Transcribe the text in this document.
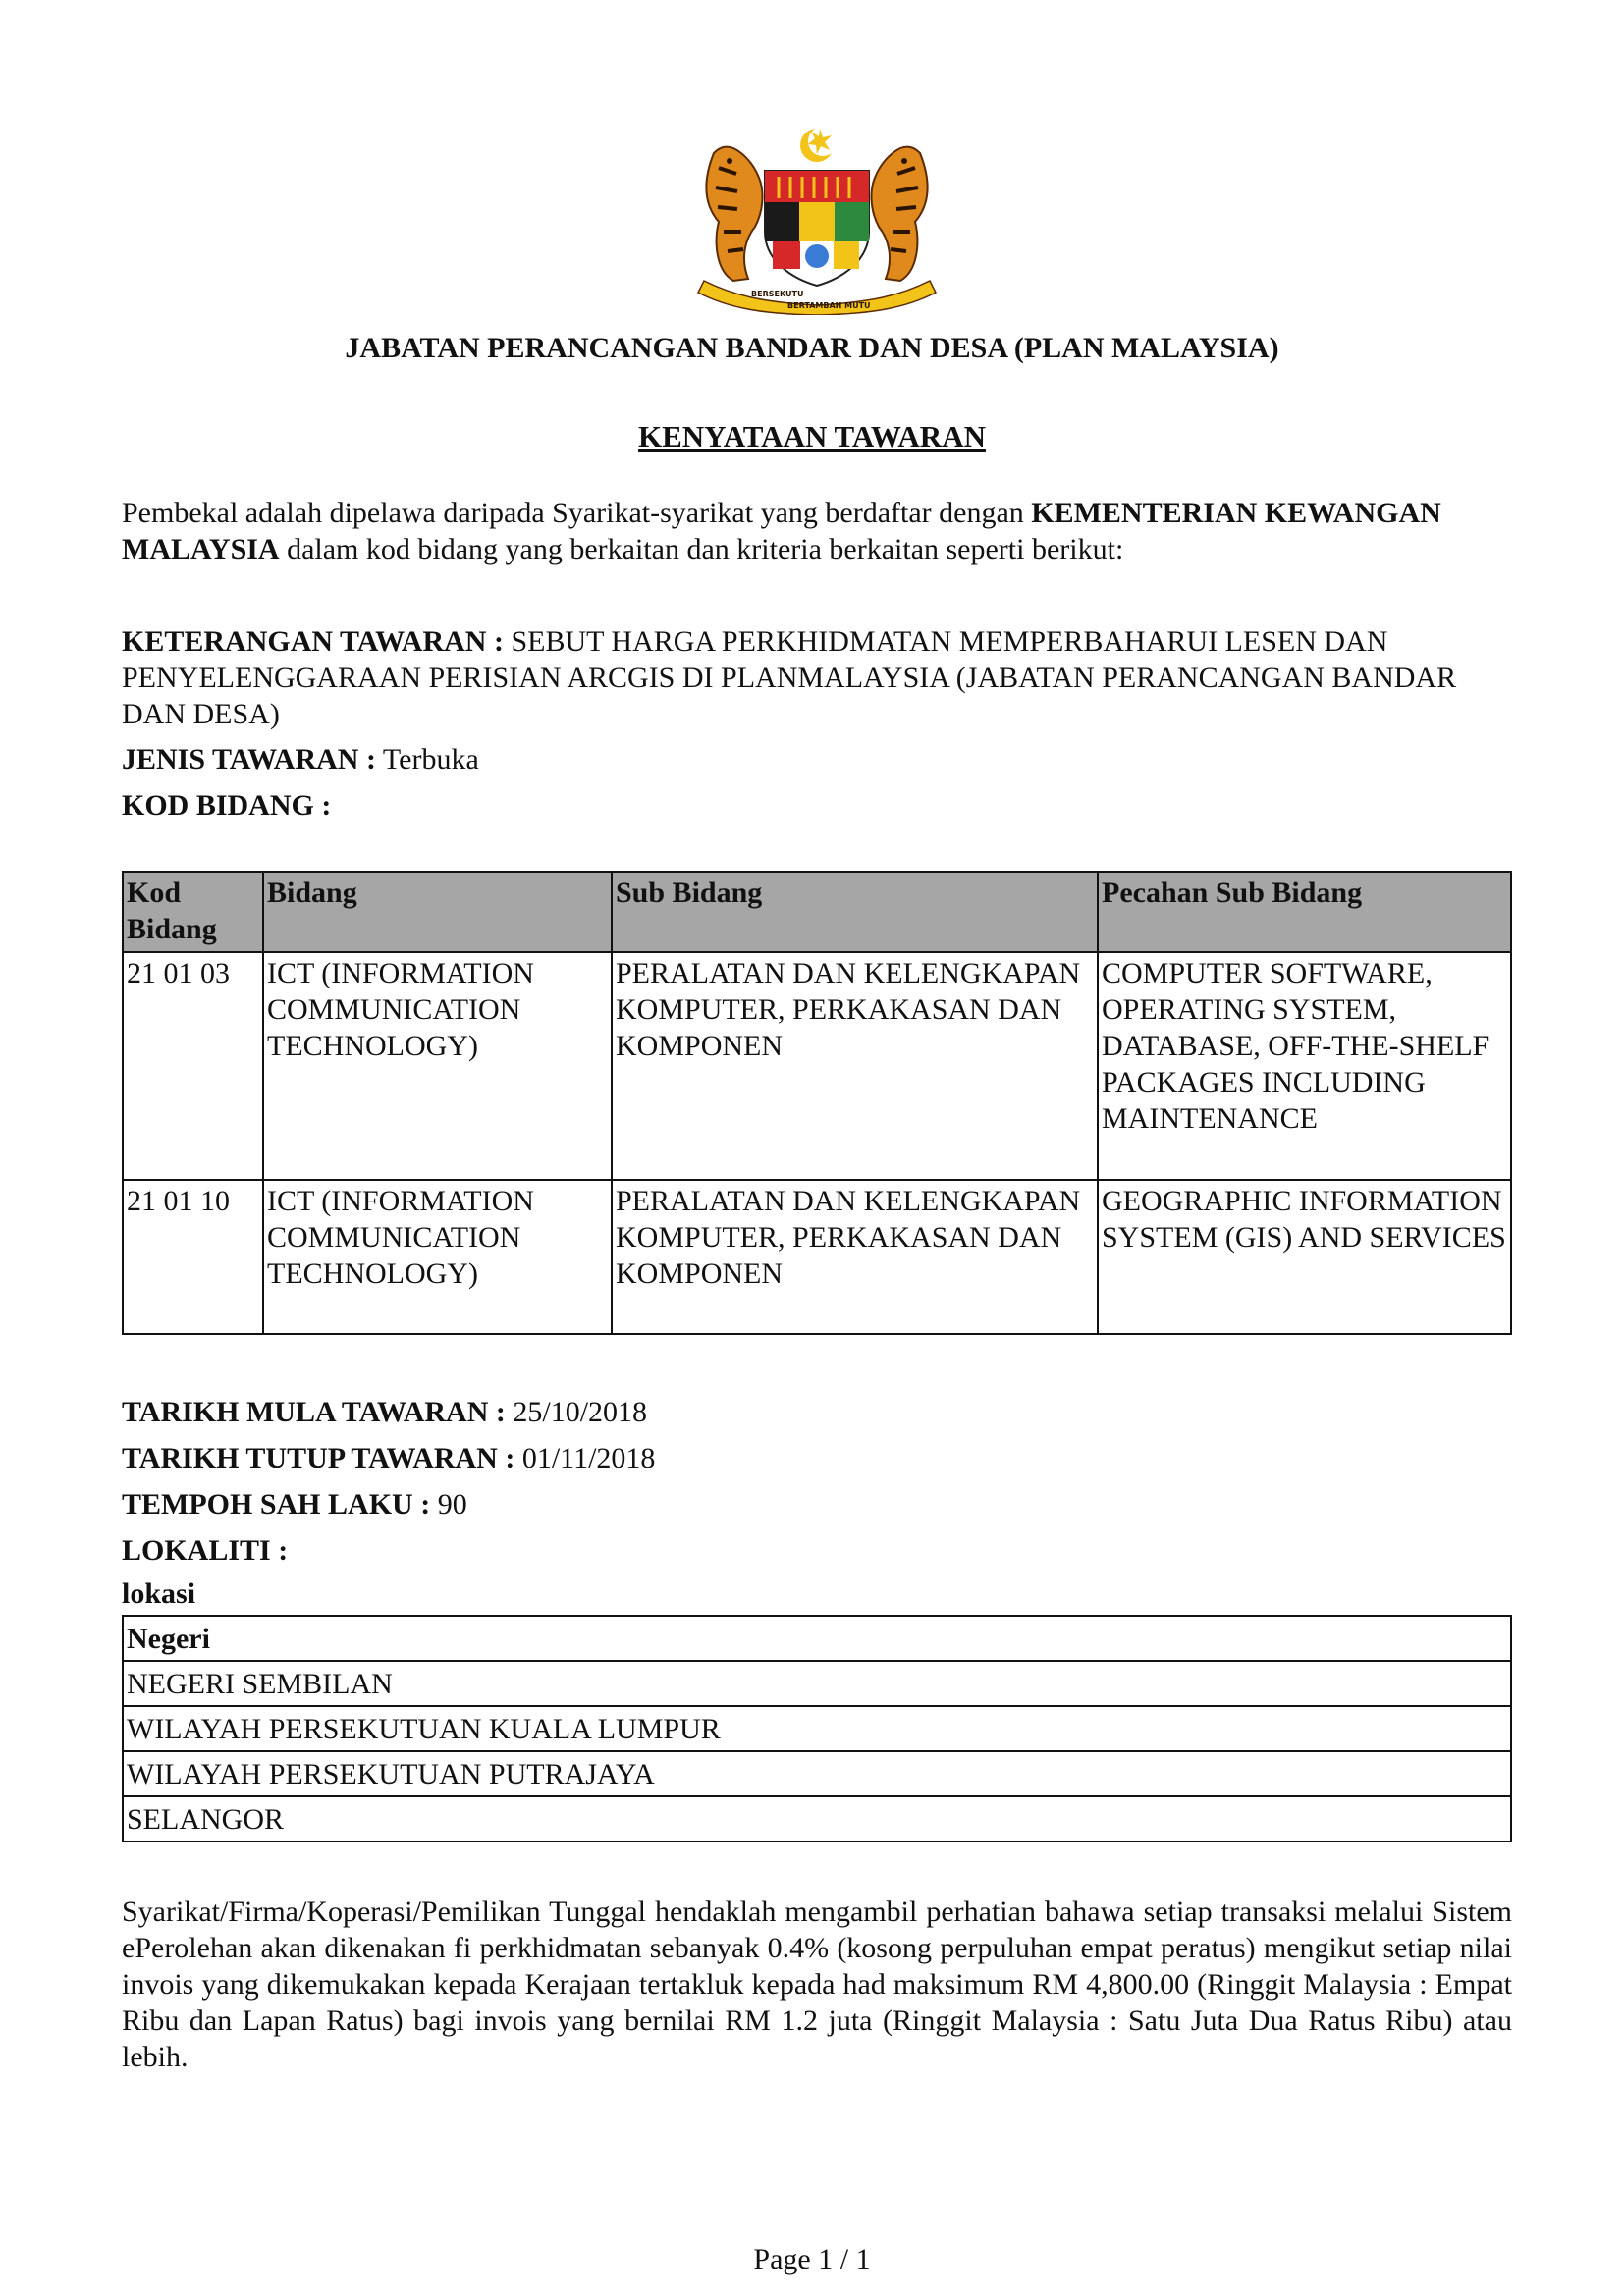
BERSEKUTU
BERTAMBAH MUTU
JABATAN PERANCANGAN BANDAR DAN DESA (PLAN MALAYSIA)
KENYATAAN TAWARAN
Pembekal adalah dipelawa daripada Syarikat-syarikat yang berdaftar dengan KEMENTERIAN KEWANGAN MALAYSIA dalam kod bidang yang berkaitan dan kriteria berkaitan seperti berikut:
KETERANGAN TAWARAN : SEBUT HARGA PERKHIDMATAN MEMPERBAHARUI LESEN DAN PENYELENGGARAAN PERISIAN ARCGIS DI PLANMALAYSIA (JABATAN PERANCANGAN BANDAR DAN DESA)
JENIS TAWARAN : Terbuka
KOD BIDANG :
Kod Bidang	Bidang	Sub Bidang	Pecahan Sub Bidang
21 01 03	ICT (INFORMATION COMMUNICATION TECHNOLOGY)	PERALATAN DAN KELENGKAPAN KOMPUTER, PERKAKASAN DAN KOMPONEN	COMPUTER SOFTWARE, OPERATING SYSTEM, DATABASE, OFF-THE-SHELF PACKAGES INCLUDING MAINTENANCE
21 01 10	ICT (INFORMATION COMMUNICATION TECHNOLOGY)	PERALATAN DAN KELENGKAPAN KOMPUTER, PERKAKASAN DAN KOMPONEN	GEOGRAPHIC INFORMATION SYSTEM (GIS) AND SERVICES
TARIKH MULA TAWARAN : 25/10/2018
TARIKH TUTUP TAWARAN : 01/11/2018
TEMPOH SAH LAKU : 90
LOKALITI :
lokasi
Negeri
NEGERI SEMBILAN
WILAYAH PERSEKUTUAN KUALA LUMPUR
WILAYAH PERSEKUTUAN PUTRAJAYA
SELANGOR
Syarikat/Firma/Koperasi/Pemilikan Tunggal hendaklah mengambil perhatian bahawa setiap transaksi melalui Sistem ePerolehan akan dikenakan fi perkhidmatan sebanyak 0.4% (kosong perpuluhan empat peratus) mengikut setiap nilai invois yang dikemukakan kepada Kerajaan tertakluk kepada had maksimum RM 4,800.00 (Ringgit Malaysia : Empat Ribu dan Lapan Ratus) bagi invois yang bernilai RM 1.2 juta (Ringgit Malaysia : Satu Juta Dua Ratus Ribu) atau lebih.
Page 1 / 1
